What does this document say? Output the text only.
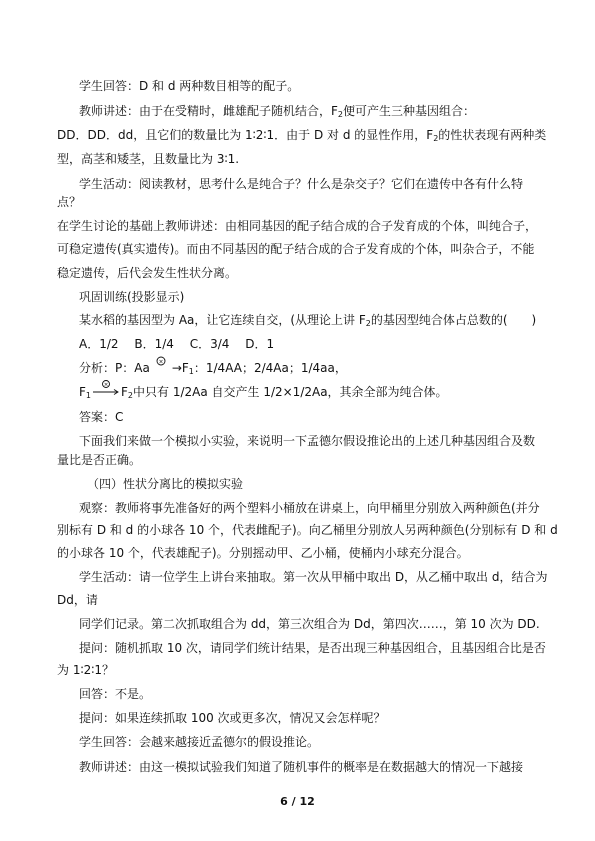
学生回答：D 和 d 两种数目相等的配子。
教师讲述：由于在受精时，雌雄配子随机结合，$F_2$便可产生三种基因组合：
DD．DD．dd，且它们的数量比为 1∶2∶1．由于 D 对 d 的显性作用，$F_2$的性状表现有两种类
型，高茎和矮茎，且数量比为 3∶1.
学生活动：阅读教材，思考什么是纯合子？什么是杂交子？它们在遗传中各有什么特
点？
在学生讨论的基础上教师讲述：由相同基因的配子结合成的合子发育成的个体，叫纯合子，
可稳定遗传(真实遗传)。而由不同基因的配子结合成的合子发育成的个体，叫杂合子，不能
稳定遗传，后代会发生性状分离。
巩固训练(投影显示)
某水稻的基因型为 Aa，让它连续自交，(从理论上讲 $F_2$的基因型纯合体占总数的(　　)
A．1/2　 B．1/4　 C．3/4　 D．1
分析：P：$Aa \times \to F_1$：1/4AA；2/4Aa；1/4aa，
$F_1$
× $F_2$中只有 1/2Aa 自交产生 1/2×1/2Aa，其余全部为纯合体。
答案：C
下面我们来做一个模拟小实验，来说明一下孟德尔假设推论出的上述几种基因组合及数
量比是否正确。
（四）性状分离比的模拟实验
观察：教师将事先准备好的两个塑料小桶放在讲桌上，向甲桶里分别放入两种颜色(并分
别标有 D 和 d 的小球各 10 个，代表雌配子)。向乙桶里分别放人另两种颜色(分别标有 D 和 d
的小球各 10 个，代表雄配子)。分别摇动甲、乙小桶，使桶内小球充分混合。
学生活动：请一位学生上讲台来抽取。第一次从甲桶中取出 D，从乙桶中取出 d，结合为
Dd，请
同学们记录。第二次抓取组合为 dd，第三次组合为 Dd，第四次……，第 10 次为 DD.
提问：随机抓取 10 次，请同学们统计结果，是否出现三种基因组合，且基因组合比是否
为 1∶2∶1？
回答：不是。
提问：如果连续抓取 100 次或更多次，情况又会怎样呢？
学生回答：会越来越接近孟德尔的假设推论。
教师讲述：由这一模拟试验我们知道了随机事件的概率是在数据越大的情况一下越接
6 / 12
